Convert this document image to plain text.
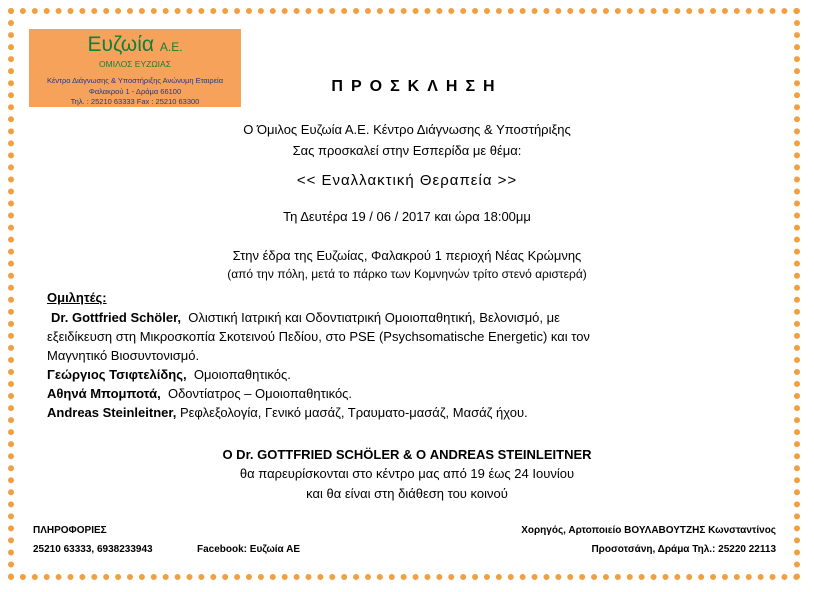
Ευζωία Α.Ε.
ΟΜΙΛΟΣ ΕΥΖΩΙΑΣ
Κέντρο Διάγνωσης & Υποστήριξης Ανώνυμη Εταιρεία
Φαλακρού 1 - Δράμα 66100
Τηλ. : 25210 63333 Fax : 25210 63300
ΠΡΟΣΚΛΗΣΗ
Ο Όμιλος Ευζωία Α.Ε. Κέντρο Διάγνωσης & Υποστήριξης
Σας προσκαλεί στην Εσπερίδα με θέμα:
<< Εναλλακτική Θεραπεία >>
Τη Δευτέρα 19 / 06 / 2017 και ώρα 18:00μμ
Στην έδρα της Ευζωίας, Φαλακρού 1 περιοχή Νέας Κρώμνης
(από την πόλη, μετά το πάρκο των Κομνηνών τρίτο στενό αριστερά)
Ομιλητές:
Dr. Gottfried Schöler, Ολιστική Ιατρική και Οδοντιατρική Ομοιοπαθητική, Βελονισμό, με
εξειδίκευση στη Μικροσκοπία Σκοτεινού Πεδίου, στο PSE (Psychsomatische Energetic) και τον
Μαγνητικό Βιοσυντονισμό.
Γεώργιος Τσιφτελίδης, Ομοιοπαθητικός.
Αθηνά Μπομποτά, Οδοντίατρος – Ομοιοπαθητικός.
Andreas Steinleitner, Ρεφλεξολογία, Γενικό μασάζ, Τραυματο-μασάζ, Μασάζ ήχου.
Ο Dr. GOTTFRIED SCHÖLER & Ο ANDREAS STEINLEITNER
θα παρευρίσκονται στο κέντρο μας από 19 έως 24 Ιουνίου
και θα είναι στη διάθεση του κοινού
ΠΛΗΡΟΦΟΡΙΕΣ
25210 63333, 6938233943	Facebook: Ευζωία ΑΕ
Χορηγός, Αρτοποιείο ΒΟΥΛΑΒΟΥΤΖΗΣ Κωνσταντίνος
Προσοτσάνη, Δράμα Τηλ.: 25220 22113
